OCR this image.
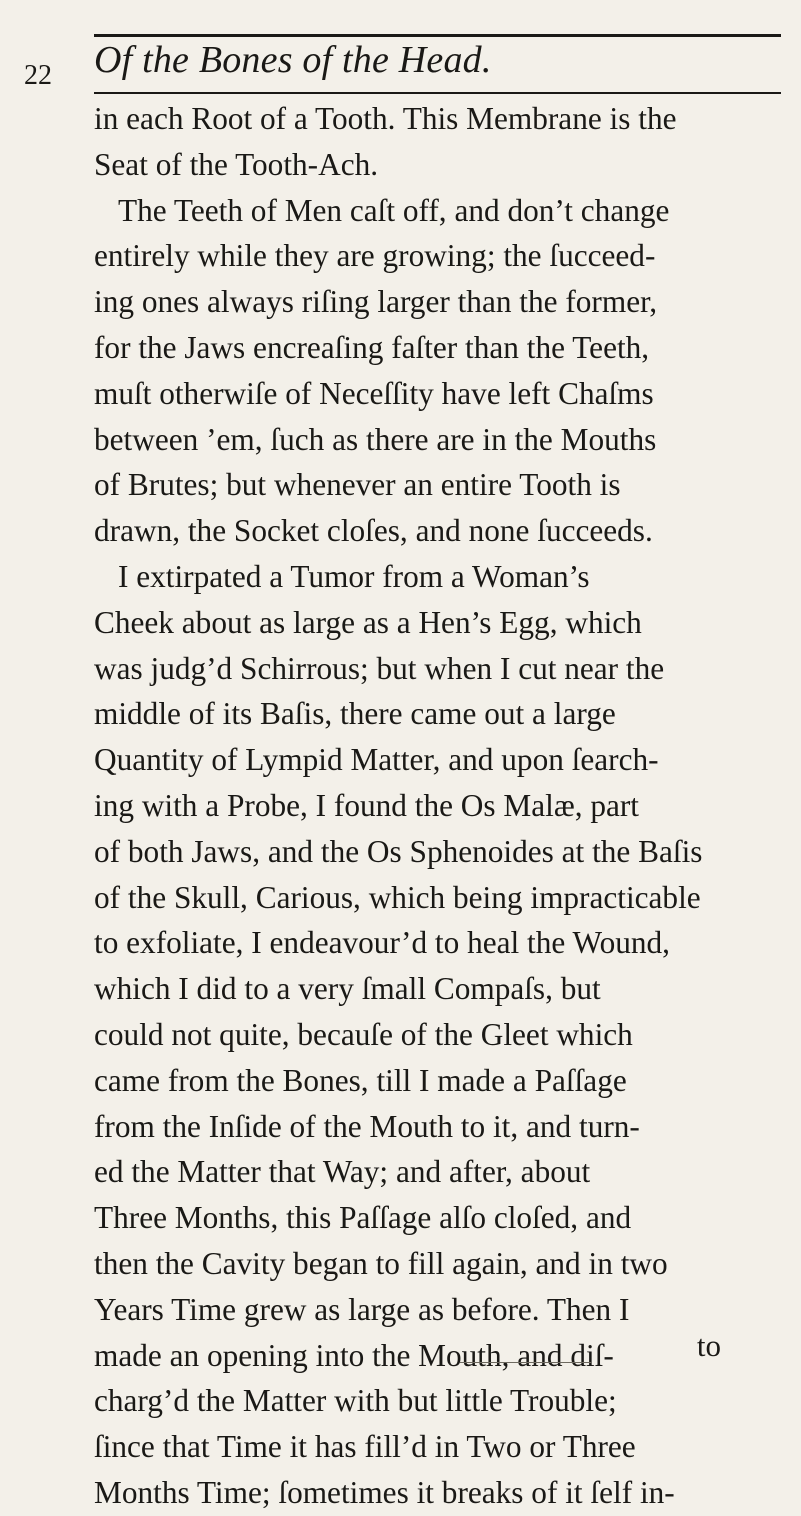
22 Of the Bones of the Head.
in each Root of a Tooth. This Membrane is the
Seat of the Tooth-Ach.
The Teeth of Men caſt off, and don’t change
entirely while they are growing; the ſucceed-
ing ones always riſing larger than the former,
for the Jaws encreaſing faſter than the Teeth,
muſt otherwiſe of Neceſſity have left Chaſms
between ’em, ſuch as there are in the Mouths
of Brutes; but whenever an entire Tooth is
drawn, the Socket cloſes, and none ſucceeds.
I extirpated a Tumor from a Woman’s
Cheek about as large as a Hen’s Egg, which
was judg’d Schirrous; but when I cut near the
middle of its Baſis, there came out a large
Quantity of Lympid Matter, and upon ſearch-
ing with a Probe, I found the Os Malæ, part
of both Jaws, and the Os Sphenoides at the Baſis
of the Skull, Carious, which being impracticable
to exfoliate, I endeavour’d to heal the Wound,
which I did to a very ſmall Compaſs, but
could not quite, becauſe of the Gleet which
came from the Bones, till I made a Paſſage
from the Inſide of the Mouth to it, and turn-
ed the Matter that Way; and after, about
Three Months, this Paſſage alſo cloſed, and
then the Cavity began to fill again, and in two
Years Time grew as large as before. Then I
made an opening into the Mouth, and diſ-
charg’d the Matter with but little Trouble;
ſince that Time it has fill’d in Two or Three
Months Time; ſometimes it breaks of it ſelf in-
to
